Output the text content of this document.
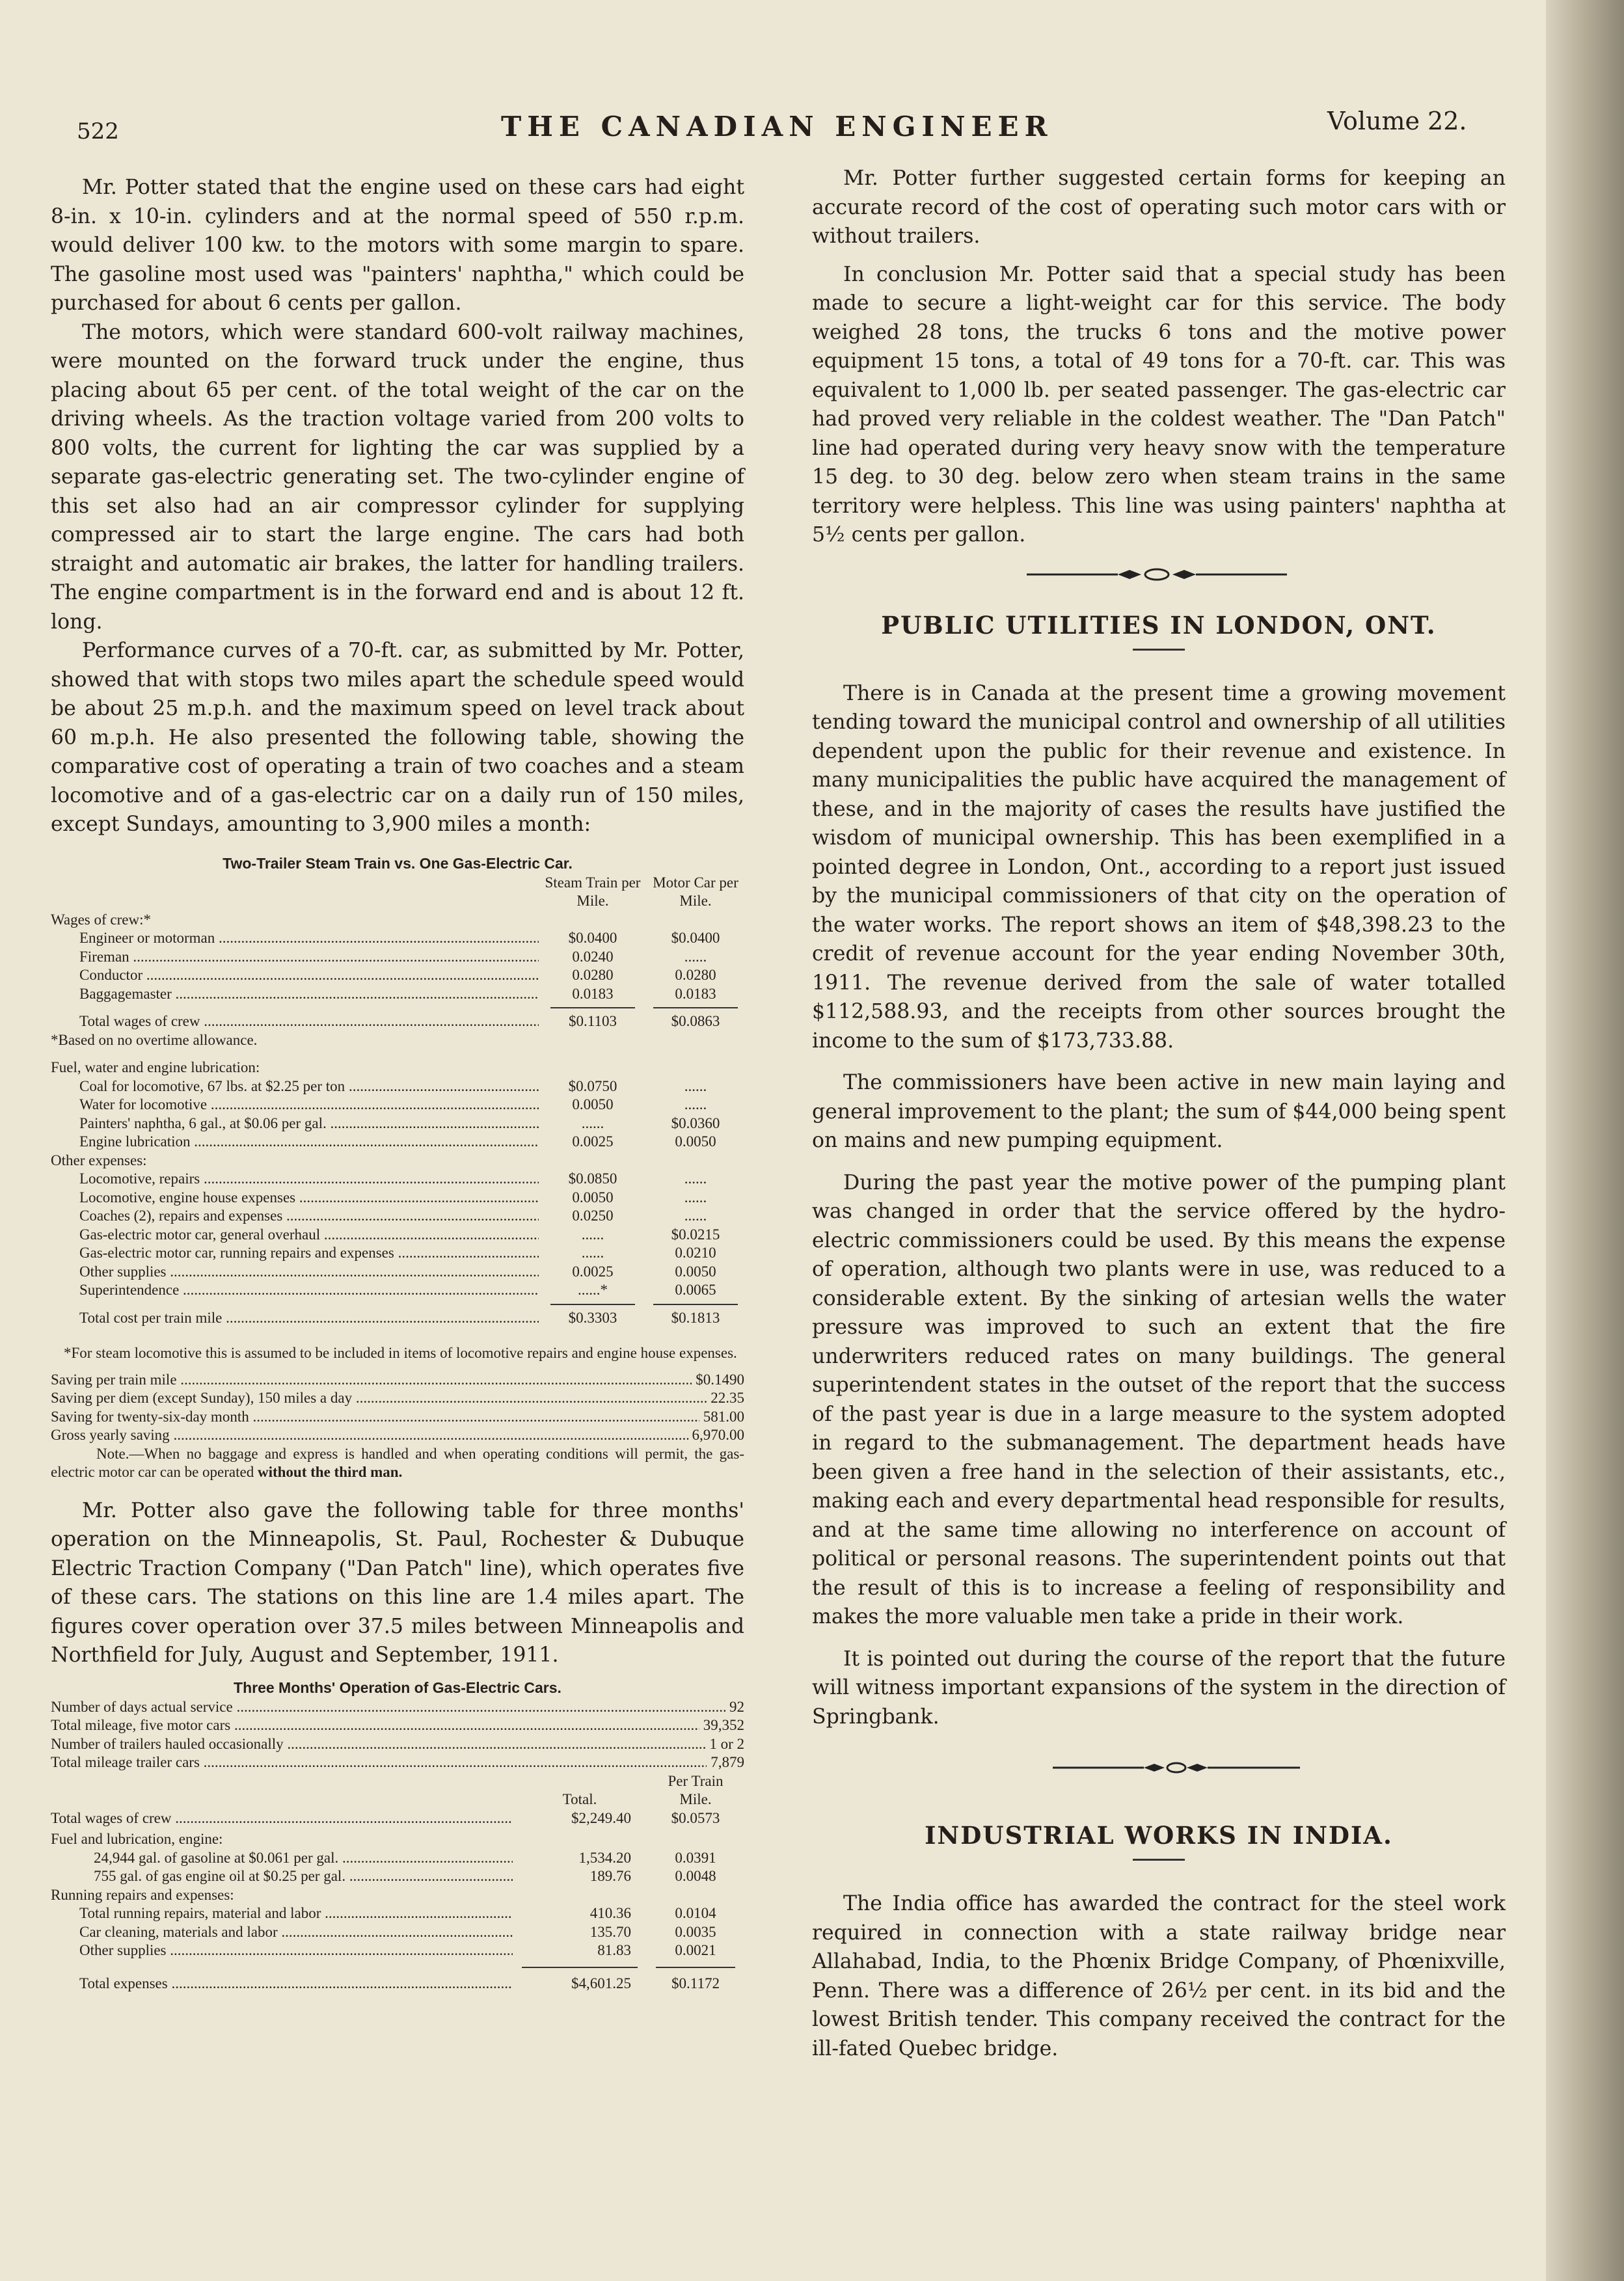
522	THE CANADIAN ENGINEER	Volume 22.

Mr. Potter stated that the engine used on these cars had eight 8-in. x 10-in. cylinders and at the normal speed of 550 r.p.m. would deliver 100 kw. to the motors with some margin to spare. The gasoline most used was "painters' naphtha," which could be purchased for about 6 cents per gallon.

The motors, which were standard 600-volt railway machines, were mounted on the forward truck under the engine, thus placing about 65 per cent. of the total weight of the car on the driving wheels. As the traction voltage varied from 200 volts to 800 volts, the current for lighting the car was supplied by a separate gas-electric generating set. The two-cylinder engine of this set also had an air compressor cylinder for supplying compressed air to start the large engine. The cars had both straight and automatic air brakes, the latter for handling trailers. The engine compartment is in the forward end and is about 12 ft. long.

Performance curves of a 70-ft. car, as submitted by Mr. Potter, showed that with stops two miles apart the schedule speed would be about 25 m.p.h. and the maximum speed on level track about 60 m.p.h. He also presented the following table, showing the comparative cost of operating a train of two coaches and a steam locomotive and of a gas-electric car on a daily run of 150 miles, except Sundays, amounting to 3,900 miles a month:

Two-Trailer Steam Train vs. One Gas-Electric Car.
Steam Train per Mile.
Motor Car per Mile.
Wages of crew:*
Engineer or motorman .....	$0.0400	$0.0400
Fireman .....	0.0240	......
Conductor .....	0.0280	0.0280
Baggagemaster .....	0.0183	0.0183
Total wages of crew .....	$0.1103	$0.0863
*Based on no overtime allowance.
Fuel, water and engine lubrication:
Coal for locomotive, 67 lbs. at $2.25 per ton .....	$0.0750	......
Water for locomotive .....	0.0050	......
Painters' naphtha, 6 gal., at $0.06 per gal. .....	......	$0.0360
Engine lubrication .....	0.0025	0.0050
Other expenses:
Locomotive, repairs .....	$0.0850	......
Locomotive, engine house expenses .....	0.0050	......
Coaches (2), repairs and expenses .....	0.0250	......
Gas-electric motor car, general overhaul .....	......	$0.0215
Gas-electric motor car, running repairs and expenses .....	......	0.0210
Other supplies .....	0.0025	0.0050
Superintendence .....	......*	0.0065
Total cost per train mile .....	$0.3303	$0.1813
*For steam locomotive this is assumed to be included in items of locomotive repairs and engine house expenses.
Saving per train mile .....	$0.1490
Saving per diem (except Sunday), 150 miles a day .....	22.35
Saving for twenty-six-day month .....	581.00
Gross yearly saving .....	6,970.00
Note.—When no baggage and express is handled and when operating conditions will permit, the gas-electric motor car can be operated without the third man.

Mr. Potter also gave the following table for three months' operation on the Minneapolis, St. Paul, Rochester & Dubuque Electric Traction Company ("Dan Patch" line), which operates five of these cars. The stations on this line are 1.4 miles apart. The figures cover operation over 37.5 miles between Minneapolis and Northfield for July, August and September, 1911.

Three Months' Operation of Gas-Electric Cars.
Number of days actual service .....	92
Total mileage, five motor cars .....	39,352
Number of trailers hauled occasionally .....	1 or 2
Total mileage trailer cars .....	7,879
Total.
Per Train
Mile.
Total wages of crew .....	$2,249.40	$0.0573
Fuel and lubrication, engine:
24,944 gal. of gasoline at $0.061 per gal. .....	1,534.20	0.0391
755 gal. of gas engine oil at $0.25 per gal. .....	189.76	0.0048
Running repairs and expenses:
Total running repairs, material and labor .....	410.36	0.0104
Car cleaning, materials and labor .....	135.70	0.0035
Other supplies .....	81.83	0.0021
Total expenses .....	$4,601.25	$0.1172

Mr. Potter further suggested certain forms for keeping an accurate record of the cost of operating such motor cars with or without trailers.

In conclusion Mr. Potter said that a special study has been made to secure a light-weight car for this service. The body weighed 28 tons, the trucks 6 tons and the motive power equipment 15 tons, a total of 49 tons for a 70-ft. car. This was equivalent to 1,000 lb. per seated passenger. The gas-electric car had proved very reliable in the coldest weather. The "Dan Patch" line had operated during very heavy snow with the temperature 15 deg. to 30 deg. below zero when steam trains in the same territory were helpless. This line was using painters' naphtha at 5½ cents per gallon.

PUBLIC UTILITIES IN LONDON, ONT.

There is in Canada at the present time a growing movement tending toward the municipal control and ownership of all utilities dependent upon the public for their revenue and existence. In many municipalities the public have acquired the management of these, and in the majority of cases the results have justified the wisdom of municipal ownership. This has been exemplified in a pointed degree in London, Ont., according to a report just issued by the municipal commissioners of that city on the operation of the water works. The report shows an item of $48,398.23 to the credit of revenue account for the year ending November 30th, 1911. The revenue derived from the sale of water totalled $112,588.93, and the receipts from other sources brought the income to the sum of $173,733.88.

The commissioners have been active in new main laying and general improvement to the plant; the sum of $44,000 being spent on mains and new pumping equipment.

During the past year the motive power of the pumping plant was changed in order that the service offered by the hydro-electric commissioners could be used. By this means the expense of operation, although two plants were in use, was reduced to a considerable extent. By the sinking of artesian wells the water pressure was improved to such an extent that the fire underwriters reduced rates on many buildings. The general superintendent states in the outset of the report that the success of the past year is due in a large measure to the system adopted in regard to the submanagement. The department heads have been given a free hand in the selection of their assistants, etc., making each and every departmental head responsible for results, and at the same time allowing no interference on account of political or personal reasons. The superintendent points out that the result of this is to increase a feeling of responsibility and makes the more valuable men take a pride in their work.

It is pointed out during the course of the report that the future will witness important expansions of the system in the direction of Springbank.

INDUSTRIAL WORKS IN INDIA.

The India office has awarded the contract for the steel work required in connection with a state railway bridge near Allahabad, India, to the Phœnix Bridge Company, of Phœnixville, Penn. There was a difference of 26½ per cent. in its bid and the lowest British tender. This company received the contract for the ill-fated Quebec bridge.
